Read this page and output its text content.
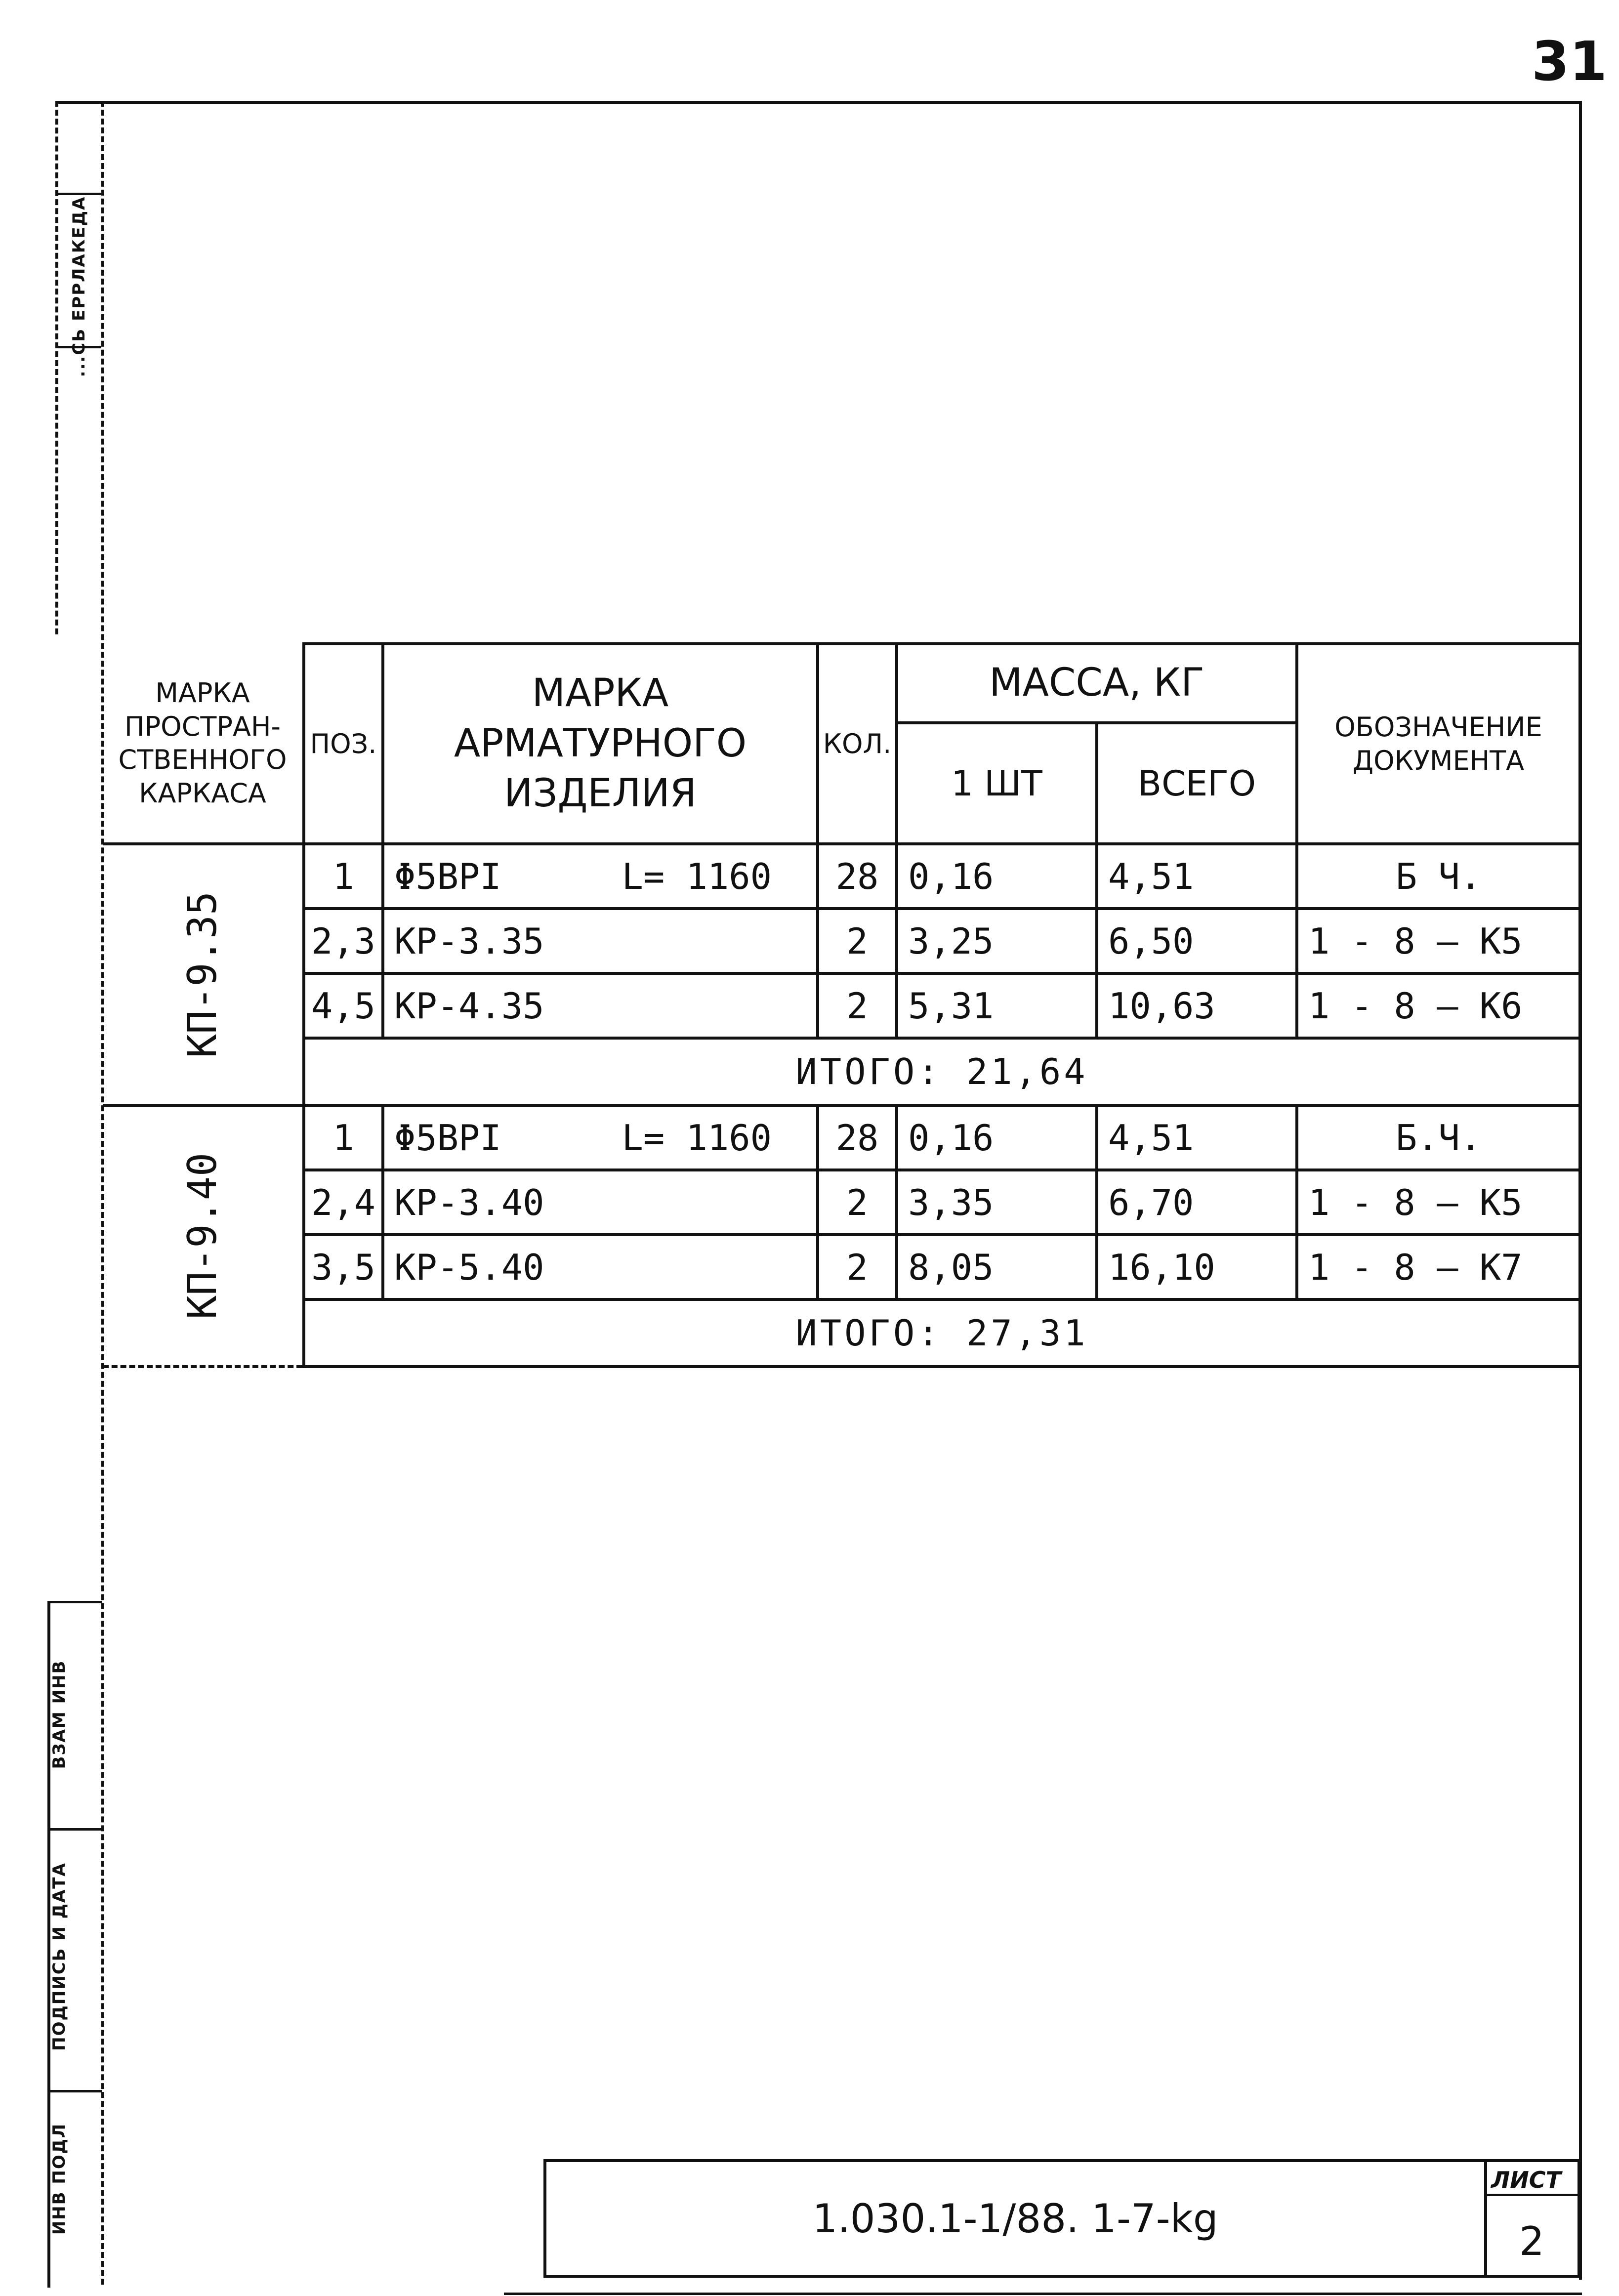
31
...СЬ ЕРРЛАКЕДА
ИНВ ПОДЛ
ПОДПИСЬ И ДАТА
ВЗАМ ИНВ
МАРКА ПРОСТРАН-СТВЕННОГО КАРКАСА	ПОЗ.	МАРКА АРМАТУРНОГО ИЗДЕЛИЯ	КОЛ.	МАССА, КГ		ОБОЗНАЧЕНИЕ ДОКУМЕНТА
				1 ШТ	ВСЕГО	
КП-9.35	1	Φ5ВРI L= 1160	28	0,16	4,51	Б Ч.
	2,3	КР-3.35	2	3,25	6,50	1 - 8 — К5
	4,5	КР-4.35	2	5,31	10,63	1 - 8 — К6
	ИТОГО: 21,64					
КП-9.40	1	Φ5ВРI L= 1160	28	0,16	4,51	Б.Ч.
	2,4	КР-3.40	2	3,35	6,70	1 - 8 — К5
	3,5	КР-5.40	2	8,05	16,10	1 - 8 — К7
	ИТОГО: 27,31					
1.030.1-1/88. 1-7-kg
ЛИСТ
2
